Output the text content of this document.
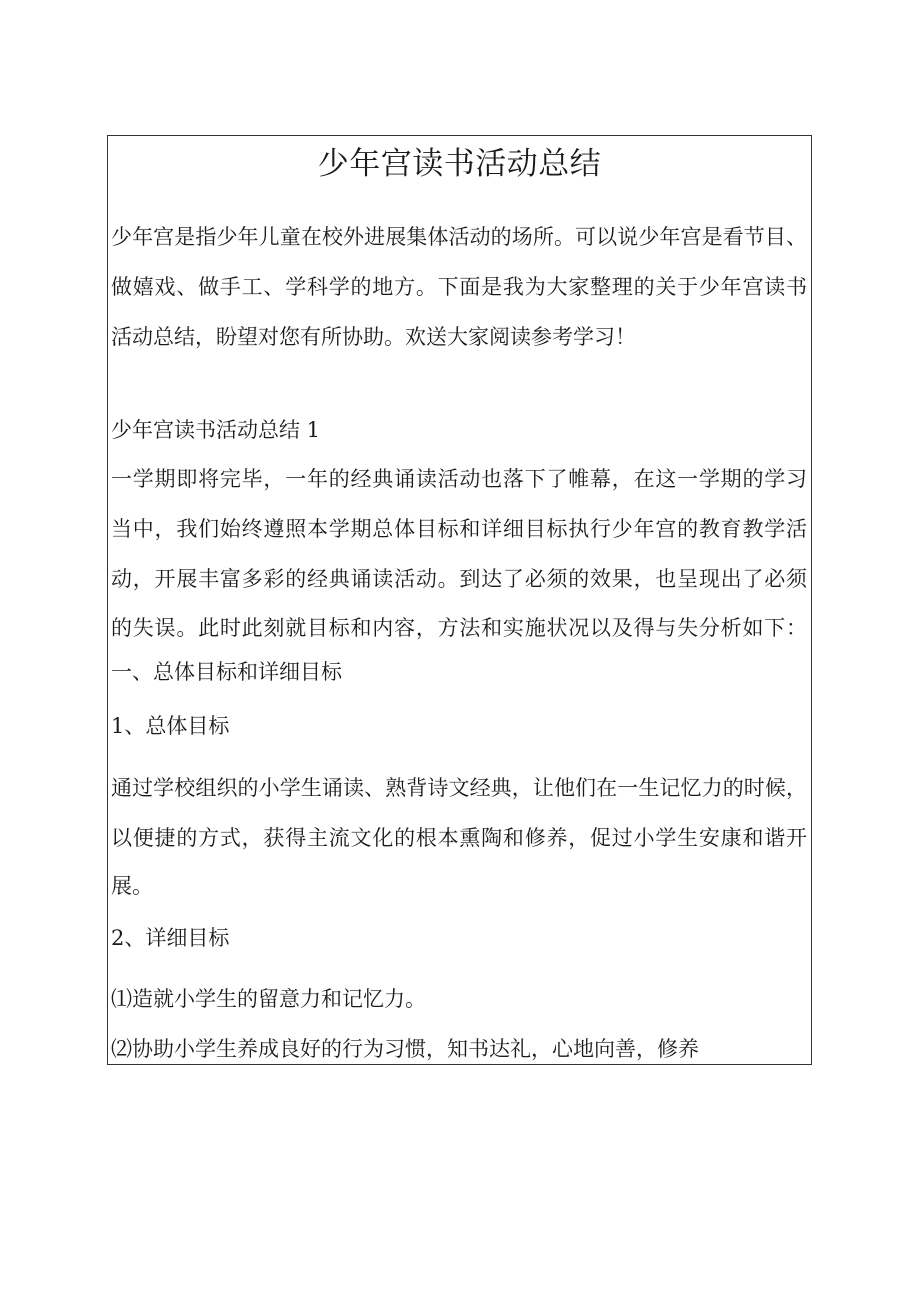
少年宫读书活动总结
少年宫是指少年儿童在校外进展集体活动的场所。可以说少年宫是看节目、
做嬉戏、做手工、学科学的地方。下面是我为大家整理的关于少年宫读书
活动总结，盼望对您有所协助。欢送大家阅读参考学习！
少年宫读书活动总结 1
一学期即将完毕，一年的经典诵读活动也落下了帷幕，在这一学期的学习
当中，我们始终遵照本学期总体目标和详细目标执行少年宫的教育教学活
动，开展丰富多彩的经典诵读活动。到达了必须的效果，也呈现出了必须
的失误。此时此刻就目标和内容，方法和实施状况以及得与失分析如下：
一、总体目标和详细目标
1、总体目标
通过学校组织的小学生诵读、熟背诗文经典，让他们在一生记忆力的时候，
以便捷的方式，获得主流文化的根本熏陶和修养，促过小学生安康和谐开
展。
2、详细目标
⑴造就小学生的留意力和记忆力。
⑵协助小学生养成良好的行为习惯，知书达礼，心地向善，修养
